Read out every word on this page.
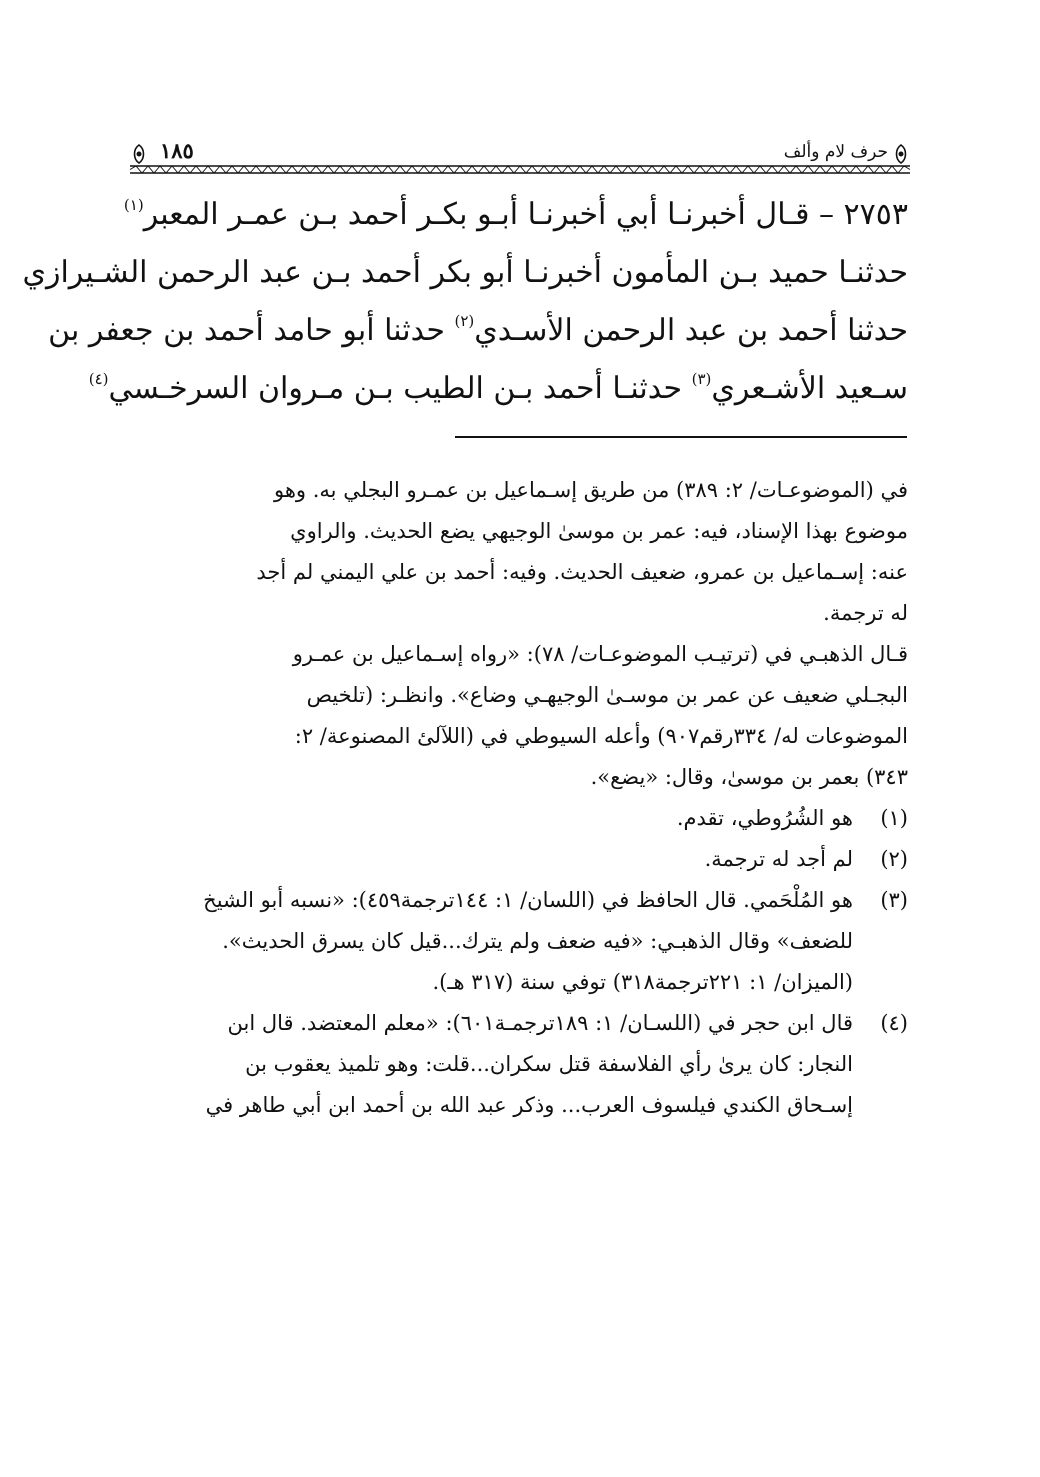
حرف لام وألف
١٨٥
٢٧٥٣ – قـال أخبرنـا أبي أخبرنـا أبـو بكـر أحمد بـن عمـر المعبر$^{(١)}$
حدثنـا حميد بـن المأمون أخبرنـا أبو بكر أحمد بـن عبد الرحمن الشـيرازي
حدثنا أحمد بن عبد الرحمن الأسـدي$^{(٢)}$ حدثنا أبو حامد أحمد بن جعفر بن
سـعيد الأشـعري$^{(٣)}$ حدثنـا أحمد بـن الطيب بـن مـروان السرخـسي$^{(٤)}$
في (الموضوعـات/ ٢: ٣٨٩) من طريق إسـماعيل بن عمـرو البجلي به. وهو
موضوع بهذا الإسناد، فيه: عمر بن موسىٰ الوجيهي يضع الحديث. والراوي
عنه: إسـماعيل بن عمرو، ضعيف الحديث. وفيه: أحمد بن علي اليمني لم أجد
له ترجمة.
قـال الذهبـي في (ترتيـب الموضوعـات/ ٧٨): «رواه إسـماعيل بن عمـرو
البجـلي ضعيف عن عمر بن موسـىٰ الوجيهـي وضاع». وانظـر: (تلخيص
الموضوعات له/ ٣٣٤رقم٩٠٧) وأعله السيوطي في (اللآلئ المصنوعة/ ٢:
٣٤٣) بعمر بن موسىٰ، وقال: «يضع».
(١)
هو الشُرُوطي، تقدم.
(٢)
لم أجد له ترجمة.
(٣)
هو المُلْحَمي. قال الحافظ في (اللسان/ ١: ١٤٤ترجمة٤٥٩): «نسبه أبو الشيخ
للضعف» وقال الذهبـي: «فيه ضعف ولم يترك...قيل كان يسرق الحديث».
(الميزان/ ١: ٢٢١ترجمة٣١٨) توفي سنة (٣١٧ هـ).
(٤)
قال ابن حجر في (اللسـان/ ١: ١٨٩ترجمـة٦٠١): «معلم المعتضد. قال ابن
النجار: كان يرىٰ رأي الفلاسفة قتل سكران...قلت: وهو تلميذ يعقوب بن
إسـحاق الكندي فيلسوف العرب... وذكر عبد الله بن أحمد ابن أبي طاهر في
